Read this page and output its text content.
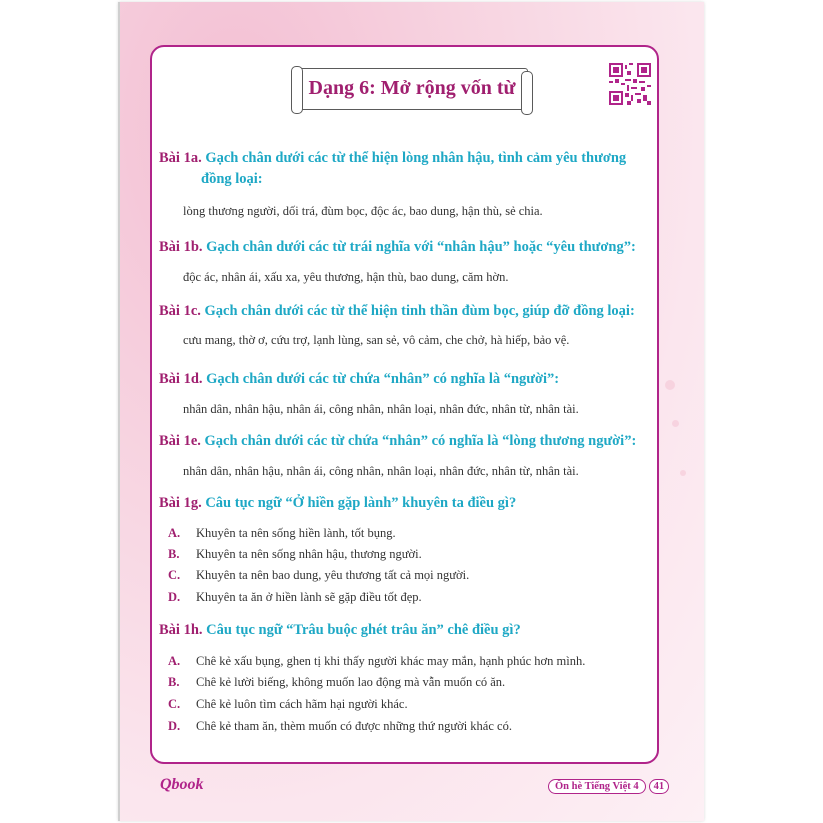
Dạng 6: Mở rộng vốn từ
Bài 1a. Gạch chân dưới các từ thể hiện lòng nhân hậu, tình cảm yêu thương
đồng loại:
lòng thương người, dối trá, đùm bọc, độc ác, bao dung, hận thù, sẻ chia.
Bài 1b. Gạch chân dưới các từ trái nghĩa với “nhân hậu” hoặc “yêu thương”:
độc ác, nhân ái, xấu xa, yêu thương, hận thù, bao dung, căm hờn.
Bài 1c. Gạch chân dưới các từ thể hiện tinh thần đùm bọc, giúp đỡ đồng loại:
cưu mang, thờ ơ, cứu trợ, lạnh lùng, san sẻ, vô cảm, che chở, hà hiếp, bảo vệ.
Bài 1d. Gạch chân dưới các từ chứa “nhân” có nghĩa là “người”:
nhân dân, nhân hậu, nhân ái, công nhân, nhân loại, nhân đức, nhân từ, nhân tài.
Bài 1e. Gạch chân dưới các từ chứa “nhân” có nghĩa là “lòng thương người”:
nhân dân, nhân hậu, nhân ái, công nhân, nhân loại, nhân đức, nhân từ, nhân tài.
Bài 1g. Câu tục ngữ “Ở hiền gặp lành” khuyên ta điều gì?
A. Khuyên ta nên sống hiền lành, tốt bụng.
B. Khuyên ta nên sống nhân hậu, thương người.
C. Khuyên ta nên bao dung, yêu thương tất cả mọi người.
D. Khuyên ta ăn ở hiền lành sẽ gặp điều tốt đẹp.
Bài 1h. Câu tục ngữ “Trâu buộc ghét trâu ăn” chê điều gì?
A. Chê kẻ xấu bụng, ghen tị khi thấy người khác may mắn, hạnh phúc hơn mình.
B. Chê kẻ lười biếng, không muốn lao động mà vẫn muốn có ăn.
C. Chê kẻ luôn tìm cách hãm hại người khác.
D. Chê kẻ tham ăn, thèm muốn có được những thứ người khác có.
Qbook	Ôn hè Tiếng Việt 4	41
